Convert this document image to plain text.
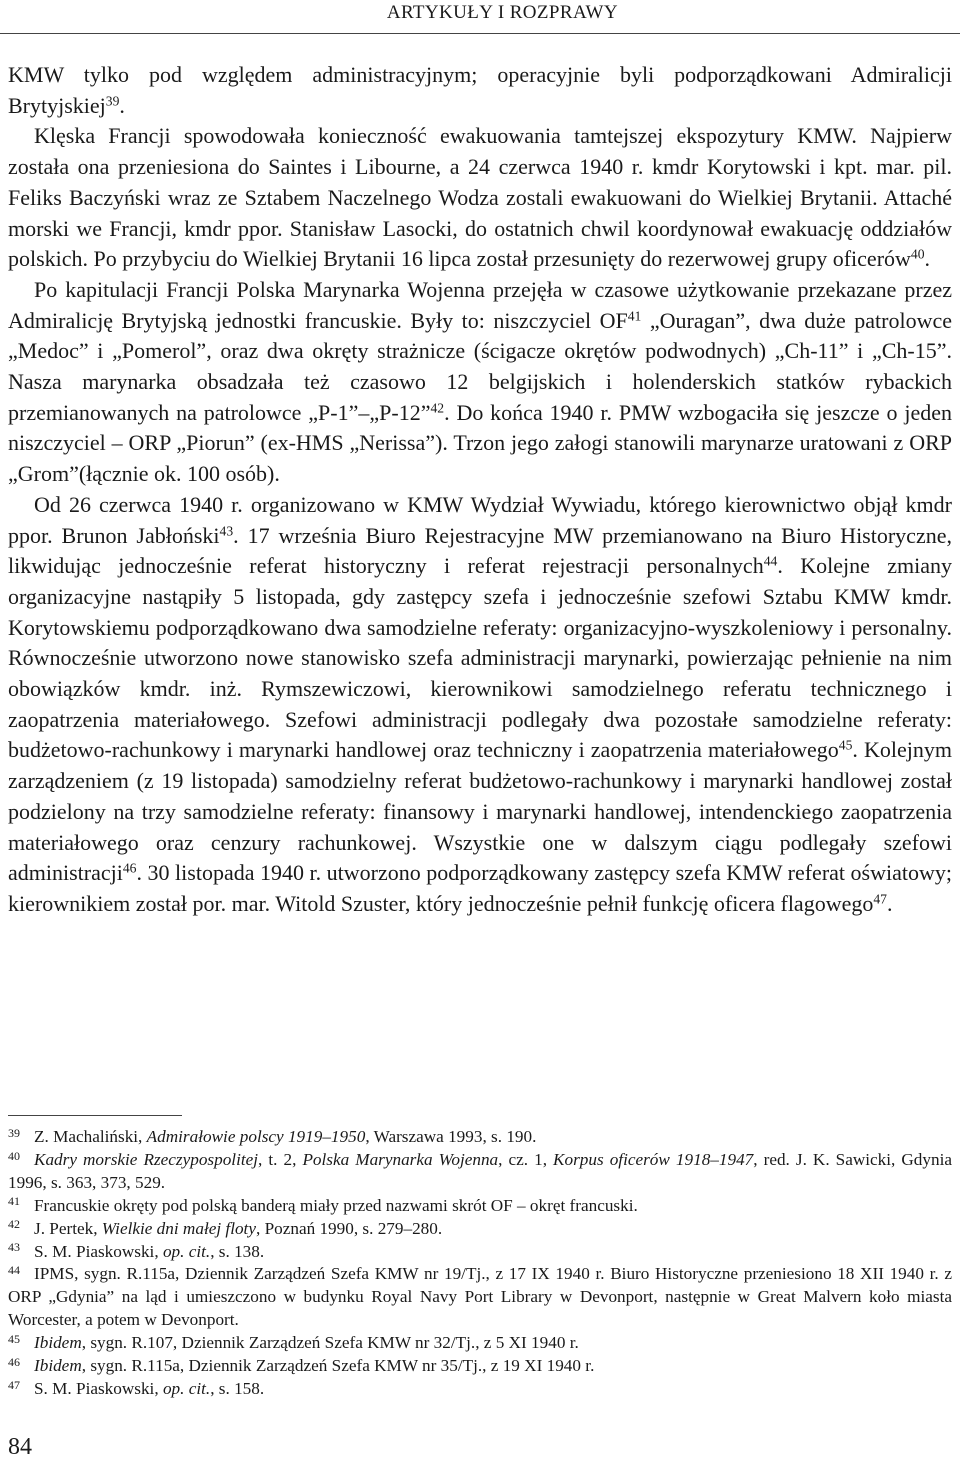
ARTYKUŁY I ROZPRAWY

KMW tylko pod względem administracyjnym; operacyjnie byli podporządkowani Admiralicji Brytyjskiej$^{39}$.

Klęska Francji spowodowała konieczność ewakuowania tamtejszej ekspozytury KMW. Najpierw została ona przeniesiona do Saintes i Libourne, a 24 czerwca 1940 r. kmdr Korytowski i kpt. mar. pil. Feliks Baczyński wraz ze Sztabem Naczelnego Wodza zostali ewakuowani do Wielkiej Brytanii. Attaché morski we Francji, kmdr ppor. Stanisław Lasocki, do ostatnich chwil koordynował ewakuację oddziałów polskich. Po przybyciu do Wielkiej Brytanii 16 lipca został przesunięty do rezerwowej grupy oficerów$^{40}$.

Po kapitulacji Francji Polska Marynarka Wojenna przejęła w czasowe użytkowanie przekazane przez Admiralicję Brytyjską jednostki francuskie. Były to: niszczyciel OF$^{41}$ „Ouragan”, dwa duże patrolowce „Medoc” i „Pomerol”, oraz dwa okręty strażnicze (ścigacze okrętów podwodnych) „Ch-11” i „Ch-15”. Nasza marynarka obsadzała też czasowo 12 belgijskich i holenderskich statków rybackich przemianowanych na patrolowce „P-1”–„P-12”$^{42}$. Do końca 1940 r. PMW wzbogaciła się jeszcze o jeden niszczyciel – ORP „Piorun” (ex-HMS „Nerissa”). Trzon jego załogi stanowili marynarze uratowani z ORP „Grom”(łącznie ok. 100 osób).

Od 26 czerwca 1940 r. organizowano w KMW Wydział Wywiadu, którego kierownictwo objął kmdr ppor. Brunon Jabłoński$^{43}$. 17 września Biuro Rejestracyjne MW przemianowano na Biuro Historyczne, likwidując jednocześnie referat historyczny i referat rejestracji personalnych$^{44}$. Kolejne zmiany organizacyjne nastąpiły 5 listopada, gdy zastępcy szefa i jednocześnie szefowi Sztabu KMW kmdr. Korytowskiemu podporządkowano dwa samodzielne referaty: organizacyjno-wyszkoleniowy i personalny. Równocześnie utworzono nowe stanowisko szefa administracji marynarki, powierzając pełnienie na nim obowiązków kmdr. inż. Rymszewiczowi, kierownikowi samodzielnego referatu technicznego i zaopatrzenia materiałowego. Szefowi administracji podlegały dwa pozostałe samodzielne referaty: budżetowo-rachunkowy i marynarki handlowej oraz techniczny i zaopatrzenia materiałowego$^{45}$. Kolejnym zarządzeniem (z 19 listopada) samodzielny referat budżetowo-rachunkowy i marynarki handlowej został podzielony na trzy samodzielne referaty: finansowy i marynarki handlowej, intendenckiego zaopatrzenia materiałowego oraz cenzury rachunkowej. Wszystkie one w dalszym ciągu podlegały szefowi administracji$^{46}$. 30 listopada 1940 r. utworzono podporządkowany zastępcy szefa KMW referat oświatowy; kierownikiem został por. mar. Witold Szuster, który jednocześnie pełnił funkcję oficera flagowego$^{47}$.

39 Z. Machaliński, Admirałowie polscy 1919–1950, Warszawa 1993, s. 190.

40 Kadry morskie Rzeczypospolitej, t. 2, Polska Marynarka Wojenna, cz. 1, Korpus oficerów 1918–1947, red. J. K. Sawicki, Gdynia 1996, s. 363, 373, 529.

41 Francuskie okręty pod polską banderą miały przed nazwami skrót OF – okręt francuski.

42 J. Pertek, Wielkie dni małej floty, Poznań 1990, s. 279–280.

43 S. M. Piaskowski, op. cit., s. 138.

44 IPMS, sygn. R.115a, Dziennik Zarządzeń Szefa KMW nr 19/Tj., z 17 IX 1940 r. Biuro Historyczne przeniesiono 18 XII 1940 r. z ORP „Gdynia” na ląd i umieszczono w budynku Royal Navy Port Library w Devonport, następnie w Great Malvern koło miasta Worcester, a potem w Devonport.

45 Ibidem, sygn. R.107, Dziennik Zarządzeń Szefa KMW nr 32/Tj., z 5 XI 1940 r.

46 Ibidem, sygn. R.115a, Dziennik Zarządzeń Szefa KMW nr 35/Tj., z 19 XI 1940 r.

47 S. M. Piaskowski, op. cit., s. 158.

84
